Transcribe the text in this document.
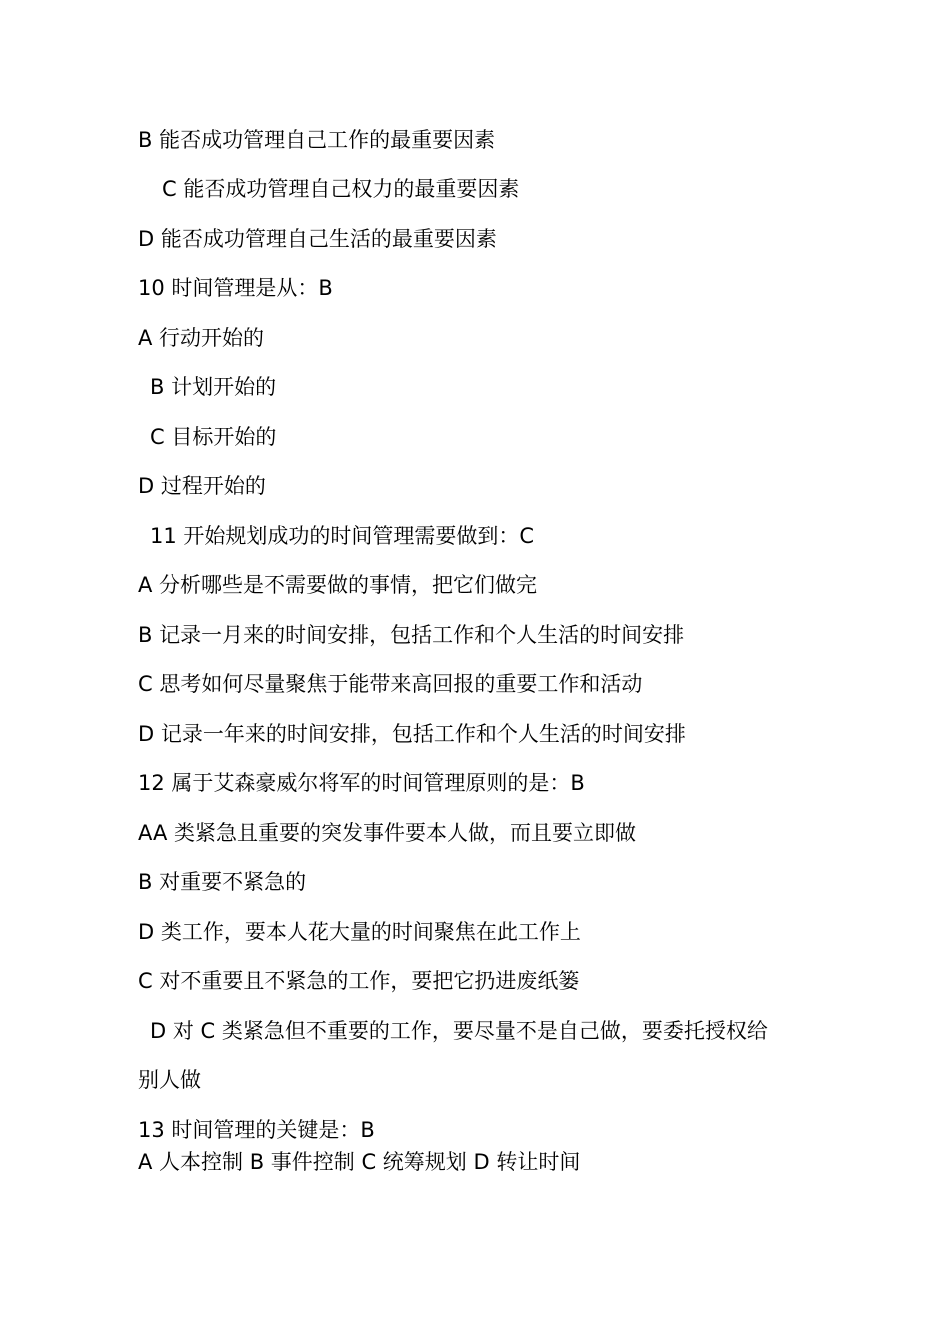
B 能否成功管理自己工作的最重要因素
C 能否成功管理自己权力的最重要因素
D 能否成功管理自己生活的最重要因素
10 时间管理是从：B
A 行动开始的
B 计划开始的
C 目标开始的
D 过程开始的
11 开始规划成功的时间管理需要做到：C
A 分析哪些是不需要做的事情，把它们做完
B 记录一月来的时间安排，包括工作和个人生活的时间安排
C 思考如何尽量聚焦于能带来高回报的重要工作和活动
D 记录一年来的时间安排，包括工作和个人生活的时间安排
12 属于艾森豪威尔将军的时间管理原则的是：B
AA 类紧急且重要的突发事件要本人做，而且要立即做
B 对重要不紧急的
D 类工作，要本人花大量的时间聚焦在此工作上
C 对不重要且不紧急的工作，要把它扔进废纸篓
D 对 C 类紧急但不重要的工作，要尽量不是自己做，要委托授权给
别人做
13 时间管理的关键是：B
A 人本控制 B 事件控制 C 统筹规划 D 转让时间
